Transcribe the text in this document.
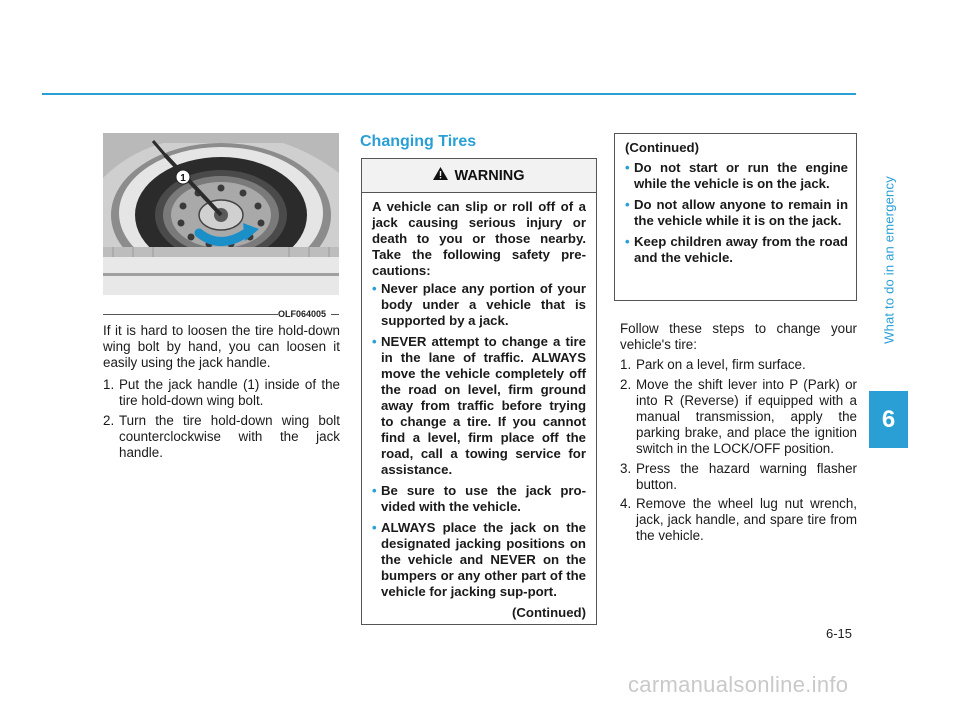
What to do in an emergency
6
1
OLF064005

If it is hard to loosen the tire hold-down wing bolt by hand, you can loosen it easily using the jack handle.

1. Put the jack handle (1) inside of the tire hold-down wing bolt.
2. Turn the tire hold-down wing bolt counterclockwise with the jack handle.
Changing Tires
WARNING

A vehicle can slip or roll off of a jack causing serious injury or death to you or those nearby. Take the following safety pre-cautions:

• Never place any portion of your body under a vehicle that is supported by a jack.
• NEVER attempt to change a tire in the lane of traffic. ALWAYS move the vehicle completely off the road on level, firm ground away from traffic before trying to change a tire. If you cannot find a level, firm place off the road, call a towing service for assistance.
• Be sure to use the jack pro-vided with the vehicle.
• ALWAYS place the jack on the designated jacking positions on the vehicle and NEVER on the bumpers or any other part of the vehicle for jacking sup-port.
(Continued)
(Continued)
• Do not start or run the engine while the vehicle is on the jack.
• Do not allow anyone to remain in the vehicle while it is on the jack.
• Keep children away from the road and the vehicle.

Follow these steps to change your vehicle's tire:

1. Park on a level, firm surface.
2. Move the shift lever into P (Park) or into R (Reverse) if equipped with a manual transmission, apply the parking brake, and place the ignition switch in the LOCK/OFF position.
3. Press the hazard warning flasher button.
4. Remove the wheel lug nut wrench, jack, jack handle, and spare tire from the vehicle.
6-15
carmanualsonline.info
